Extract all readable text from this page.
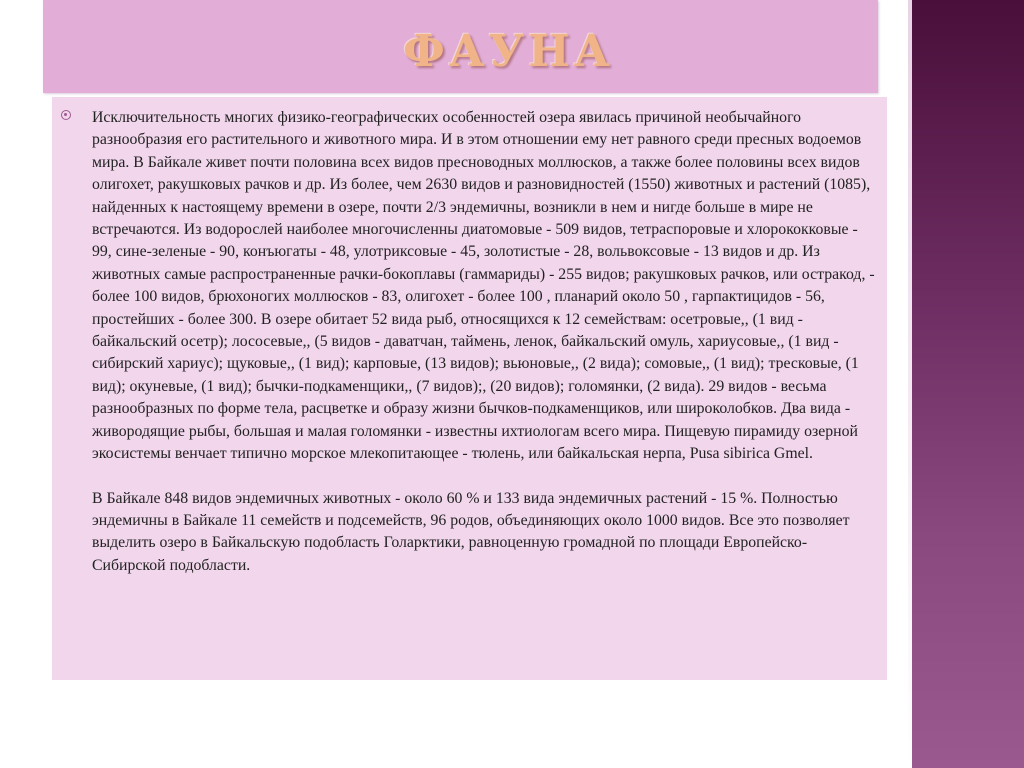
ФАУНА

Исключительность многих физико-географических особенностей озера явилась причиной необычайного разнообразия его растительного и животного мира. И в этом отношении ему нет равного среди пресных водоемов мира. В Байкале живет почти половина всех видов пресноводных моллюсков, а также более половины всех видов олигохет, ракушковых рачков и др. Из более, чем 2630 видов и разновидностей (1550) животных и растений (1085), найденных к настоящему времени в озере, почти 2/3 эндемичны, возникли в нем и нигде больше в мире не встречаются. Из водорослей наиболее многочисленны диатомовые - 509 видов, тетраспоровые и хлорококковые - 99, сине-зеленые - 90, конъюгаты - 48, улотриксовые - 45, золотистые - 28, вольвоксовые - 13 видов и др. Из животных самые распространенные рачки-бокоплавы (гаммариды) - 255 видов; ракушковых рачков, или остракод, - более 100 видов, брюхоногих моллюсков - 83, олигохет - более 100 , планарий около 50 , гарпактицидов - 56, простейших - более 300. В озере обитает 52 вида рыб, относящихся к 12 семействам: осетровые,, (1 вид - байкальский осетр); лососевые,, (5 видов - даватчан, таймень, ленок, байкальский омуль, хариусовые,, (1 вид - сибирский хариус); щуковые,, (1 вид); карповые, (13 видов); вьюновые,, (2 вида); сомовые,, (1 вид); тресковые, (1 вид); окуневые, (1 вид); бычки-подкаменщики,, (7 видов);, (20 видов); голомянки, (2 вида). 29 видов - весьма разнообразных по форме тела, расцветке и образу жизни бычков-подкаменщиков, или широколобков. Два вида - живородящие рыбы, большая и малая голомянки - известны ихтиологам всего мира. Пищевую пирамиду озерной экосистемы венчает типично морское млекопитающее - тюлень, или байкальская нерпа, Pusa sibirica Gmel.

В Байкале 848 видов эндемичных животных - около 60 % и 133 вида эндемичных растений - 15 %. Полностью эндемичны в Байкале 11 семейств и подсемейств, 96 родов, объединяющих около 1000 видов. Все это позволяет выделить озеро в Байкальскую подобласть Голарктики, равноценную громадной по площади Европейско-Сибирской подобласти.
